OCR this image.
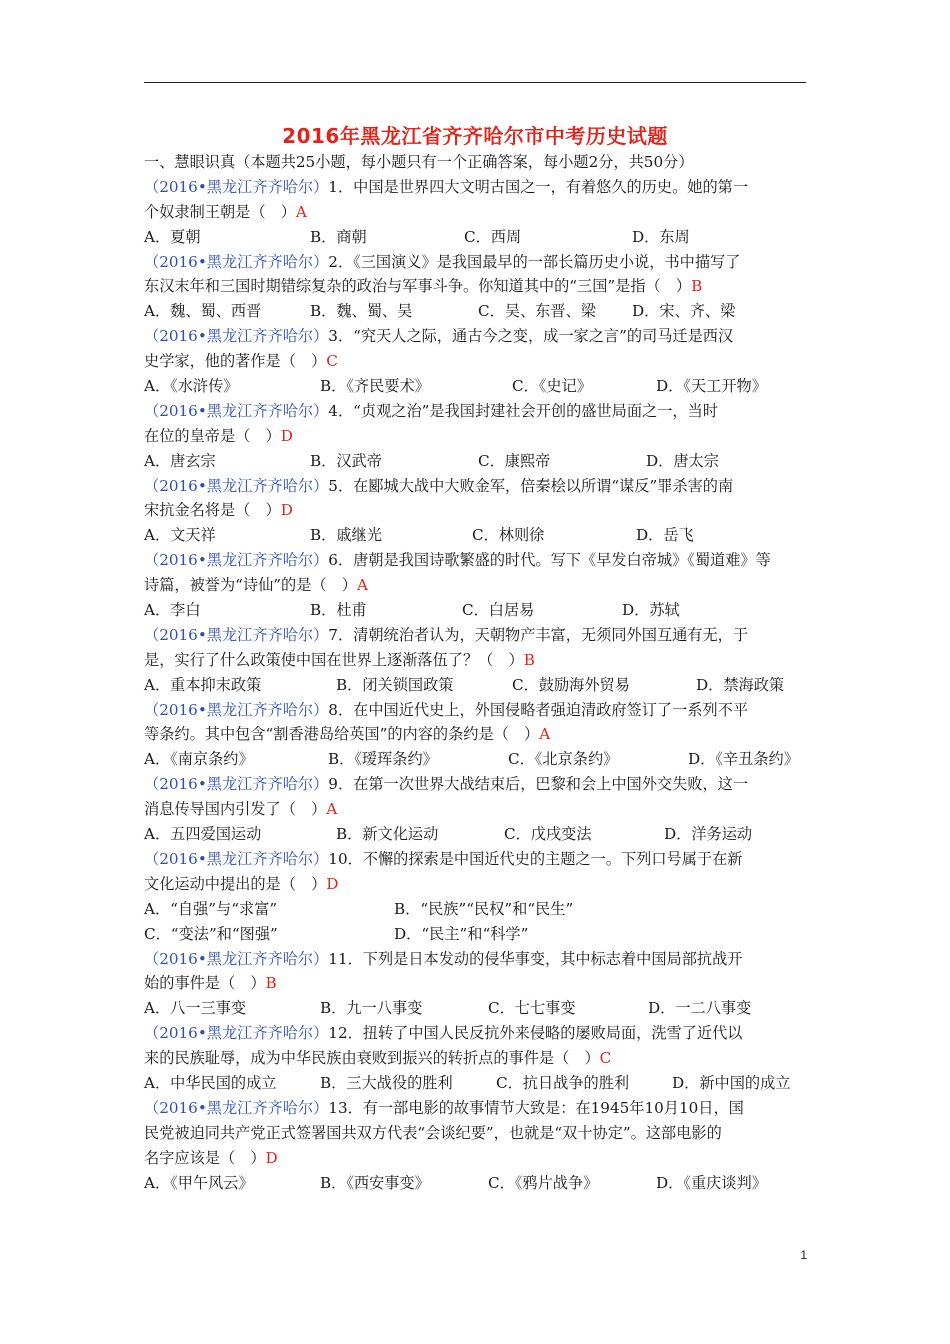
2016年黑龙江省齐齐哈尔市中考历史试题
一、慧眼识真（本题共25小题，每小题只有一个正确答案，每小题2分，共50分）
（2016•黑龙江齐齐哈尔）1．中国是世界四大文明古国之一，有着悠久的历史。她的第一
个奴隶制王朝是（　）A
A．夏朝	B．商朝	C．西周	D．东周
（2016•黑龙江齐齐哈尔）2．《三国演义》是我国最早的一部长篇历史小说，书中描写了
东汉末年和三国时期错综复杂的政治与军事斗争。你知道其中的“三国”是指（　）B
A．魏、蜀、西晋	B．魏、蜀、吴	C．吴、东晋、梁	D．宋、齐、梁
（2016•黑龙江齐齐哈尔）3．“究天人之际，通古今之变，成一家之言”的司马迁是西汉
史学家，他的著作是（　）C
A．《水浒传》	B．《齐民要术》	C．《史记》	D．《天工开物》
（2016•黑龙江齐齐哈尔）4．“贞观之治”是我国封建社会开创的盛世局面之一，当时
在位的皇帝是（　）D
A．唐玄宗	B．汉武帝	C．康熙帝	D．唐太宗
（2016•黑龙江齐齐哈尔）5．在郾城大战中大败金军，倍秦桧以所谓“谋反”罪杀害的南
宋抗金名将是（　）D
A．文天祥	B．戚继光	C．林则徐	D．岳飞
（2016•黑龙江齐齐哈尔）6．唐朝是我国诗歌繁盛的时代。写下《早发白帝城》《蜀道难》等
诗篇，被誉为“诗仙”的是（　）A
A．李白	B．杜甫	C．白居易	D．苏轼
（2016•黑龙江齐齐哈尔）7．清朝统治者认为，天朝物产丰富，无须同外国互通有无，于
是，实行了什么政策使中国在世界上逐渐落伍了？（　）B
A．重本抑末政策	B．闭关锁国政策	C．鼓励海外贸易	D．禁海政策
（2016•黑龙江齐齐哈尔）8．在中国近代史上，外国侵略者强迫清政府签订了一系列不平
等条约。其中包含“割香港岛给英国”的内容的条约是（　）A
A．《南京条约》	B．《瑷珲条约》	C．《北京条约》	D．《辛丑条约》
（2016•黑龙江齐齐哈尔）9．在第一次世界大战结束后，巴黎和会上中国外交失败，这一
消息传导国内引发了（　）A
A．五四爱国运动	B．新文化运动	C．戊戌变法	D．洋务运动
（2016•黑龙江齐齐哈尔）10．不懈的探索是中国近代史的主题之一。下列口号属于在新
文化运动中提出的是（　）D
A．“自强”与“求富”	B．“民族”“民权”和“民生”
C．“变法”和“图强”	D．“民主”和“科学”
（2016•黑龙江齐齐哈尔）11．下列是日本发动的侵华事变，其中标志着中国局部抗战开
始的事件是（　）B
A．八一三事变	B．九一八事变	C．七七事变	D．一二八事变
（2016•黑龙江齐齐哈尔）12．扭转了中国人民反抗外来侵略的屡败局面，洗雪了近代以
来的民族耻辱，成为中华民族由衰败到振兴的转折点的事件是（　）C
A．中华民国的成立	B．三大战役的胜利	C．抗日战争的胜利	D．新中国的成立
（2016•黑龙江齐齐哈尔）13．有一部电影的故事情节大致是：在1945年10月10日，国
民党被迫同共产党正式签署国共双方代表“会谈纪要”，也就是“双十协定”。这部电影的
名字应该是（　）D
A．《甲午风云》	B．《西安事变》	C．《鸦片战争》	D．《重庆谈判》
1
